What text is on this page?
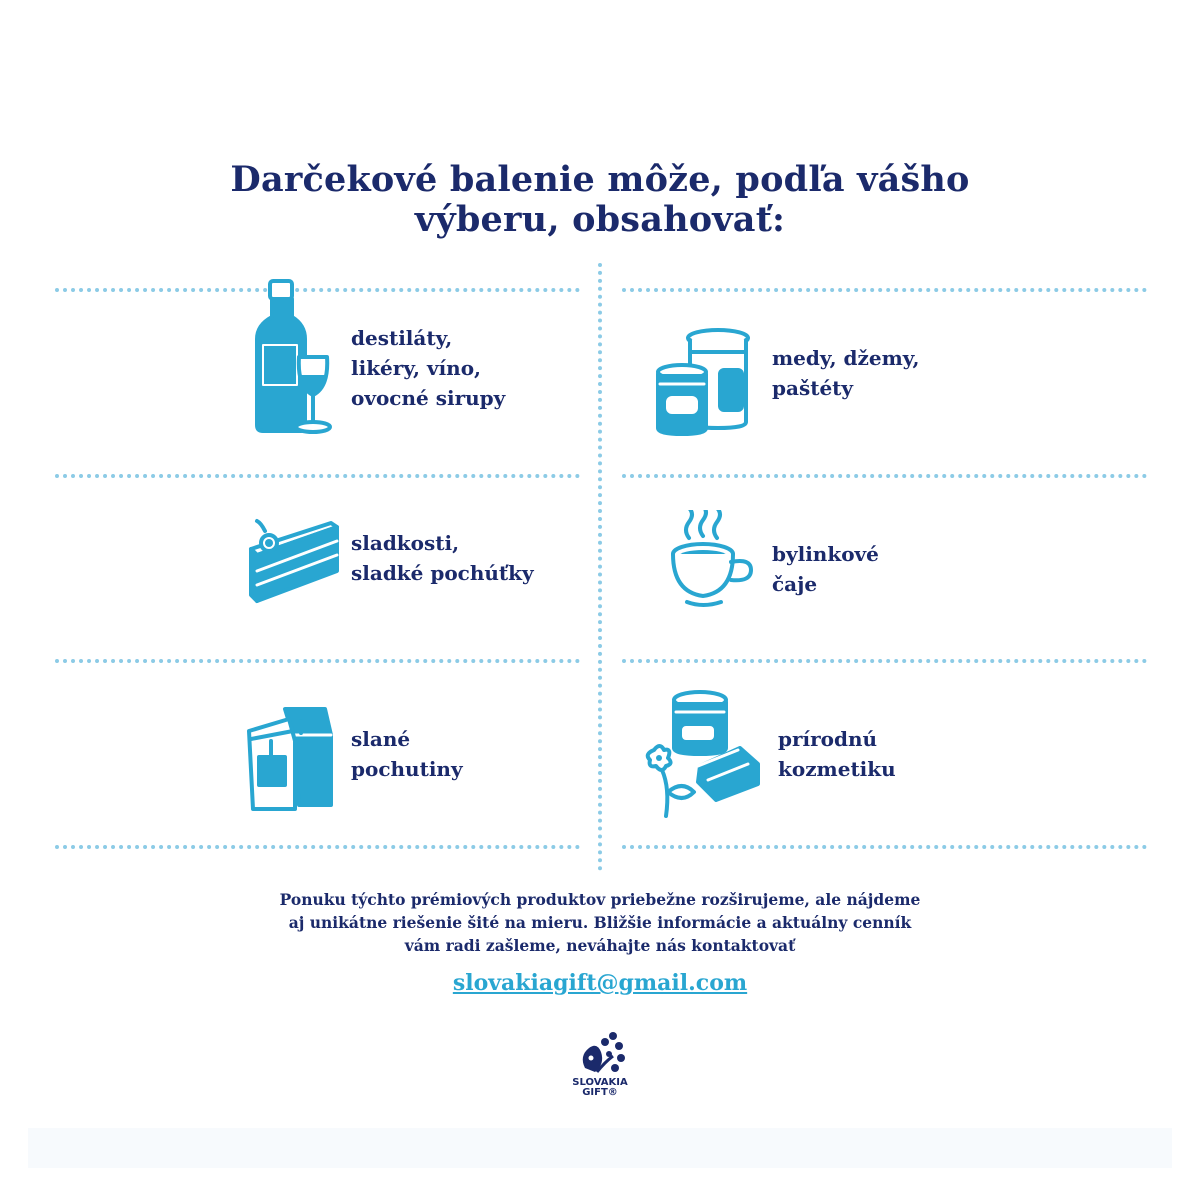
Darčekové balenie môže, podľa vášho
výberu, obsahovať:
destiláty,
likéry, víno,
ovocné sirupy
medy, džemy,
paštéty
sladkosti,
sladké pochúťky
bylinkové
čaje
slané
pochutiny
prírodnú
kozmetiku
Ponuku týchto prémiových produktov priebežne rozširujeme, ale nájdeme
aj unikátne riešenie šité na mieru. Bližšie informácie a aktuálny cenník
vám radi zašleme, neváhajte nás kontaktovať
slovakiagift@gmail.com
SLOVAKIA
GIFT®
